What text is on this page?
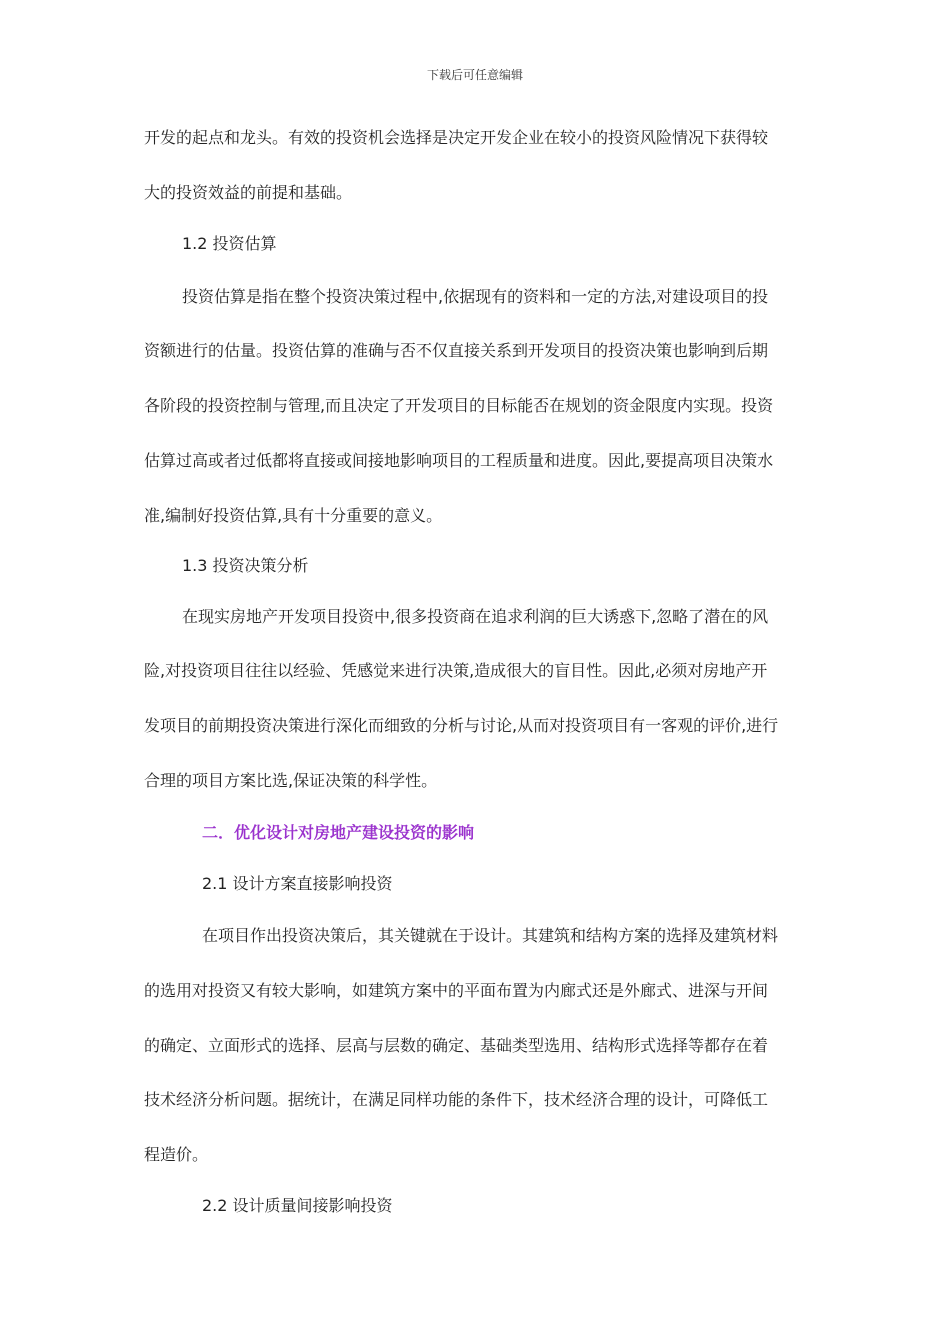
下载后可任意编辑
开发的起点和龙头。有效的投资机会选择是决定开发企业在较小的投资风险情况下获得较
大的投资效益的前提和基础。
1.2 投资估算
投资估算是指在整个投资决策过程中,依据现有的资料和一定的方法,对建设项目的投
资额进行的估量。投资估算的准确与否不仅直接关系到开发项目的投资决策也影响到后期
各阶段的投资控制与管理,而且决定了开发项目的目标能否在规划的资金限度内实现。投资
估算过高或者过低都将直接或间接地影响项目的工程质量和进度。因此,要提高项目决策水
准,编制好投资估算,具有十分重要的意义。
1.3 投资决策分析
在现实房地产开发项目投资中,很多投资商在追求利润的巨大诱惑下,忽略了潜在的风
险,对投资项目往往以经验、凭感觉来进行决策,造成很大的盲目性。因此,必须对房地产开
发项目的前期投资决策进行深化而细致的分析与讨论,从而对投资项目有一客观的评价,进行
合理的项目方案比选,保证决策的科学性。
二．优化设计对房地产建设投资的影响
2.1 设计方案直接影响投资
在项目作出投资决策后，其关键就在于设计。其建筑和结构方案的选择及建筑材料
的选用对投资又有较大影响，如建筑方案中的平面布置为内廊式还是外廊式、进深与开间
的确定、立面形式的选择、层高与层数的确定、基础类型选用、结构形式选择等都存在着
技术经济分析问题。据统计，在满足同样功能的条件下，技术经济合理的设计，可降低工
程造价。
2.2 设计质量间接影响投资
